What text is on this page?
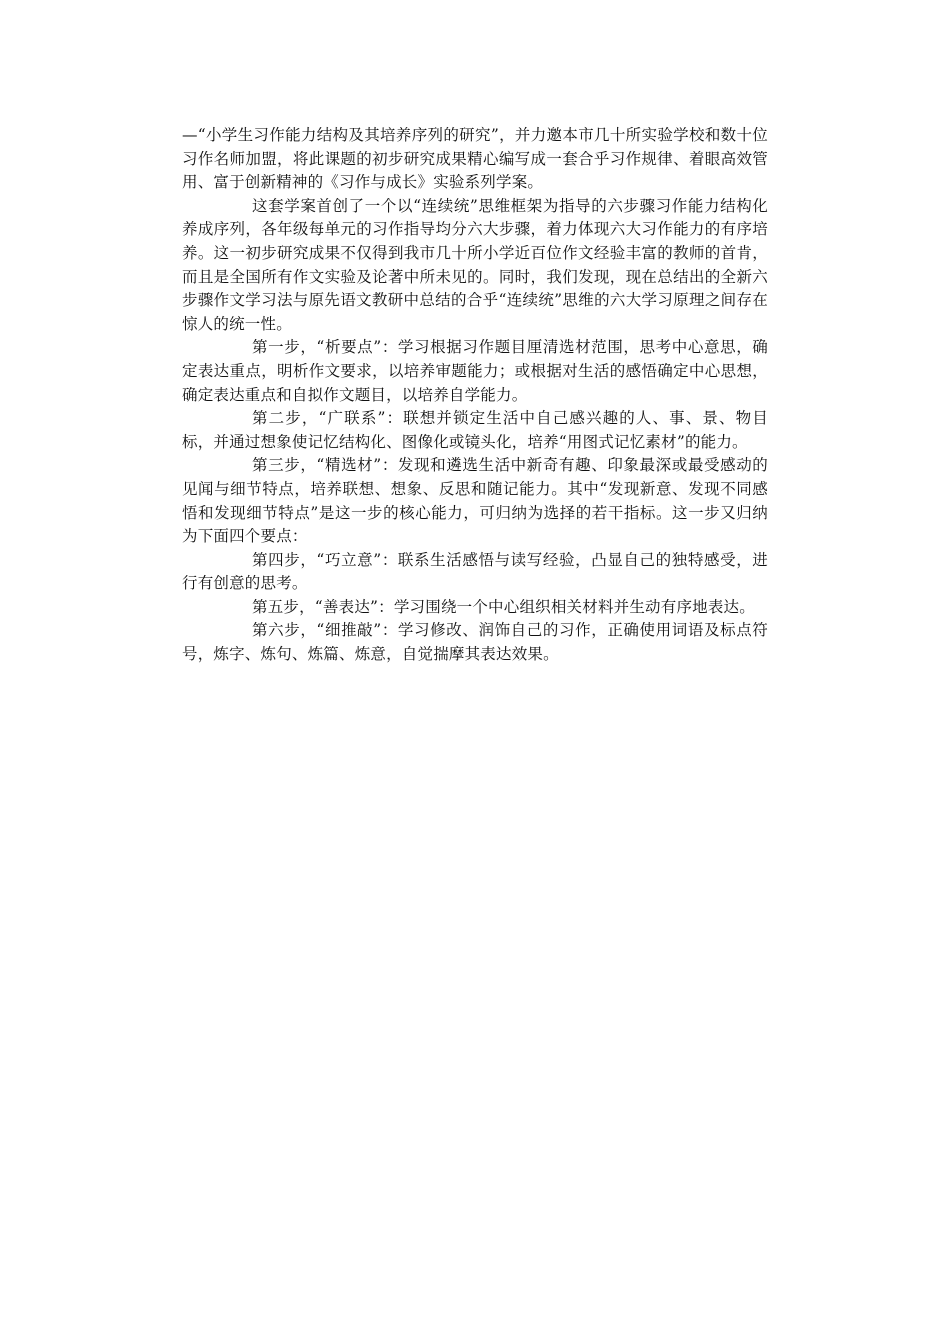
—“小学生习作能力结构及其培养序列的研究”，并力邀本市几十所实验学校和数十位习作名师加盟，将此课题的初步研究成果精心编写成一套合乎习作规律、着眼高效管用、富于创新精神的《习作与成长》实验系列学案。

这套学案首创了一个以“连续统”思维框架为指导的六步骤习作能力结构化养成序列，各年级每单元的习作指导均分六大步骤，着力体现六大习作能力的有序培养。这一初步研究成果不仅得到我市几十所小学近百位作文经验丰富的教师的首肯，而且是全国所有作文实验及论著中所未见的。同时，我们发现，现在总结出的全新六步骤作文学习法与原先语文教研中总结的合乎“连续统”思维的六大学习原理之间存在惊人的统一性。

第一步，“析要点”：学习根据习作题目厘清选材范围，思考中心意思，确定表达重点，明析作文要求，以培养审题能力；或根据对生活的感悟确定中心思想，确定表达重点和自拟作文题目，以培养自学能力。

第二步，“广联系”：联想并锁定生活中自己感兴趣的人、事、景、物目标，并通过想象使记忆结构化、图像化或镜头化，培养“用图式记忆素材”的能力。

第三步，“精选材”：发现和遴选生活中新奇有趣、印象最深或最受感动的见闻与细节特点，培养联想、想象、反思和随记能力。其中“发现新意、发现不同感悟和发现细节特点”是这一步的核心能力，可归纳为选择的若干指标。这一步又归纳为下面四个要点：

第四步，“巧立意”：联系生活感悟与读写经验，凸显自己的独特感受，进行有创意的思考。

第五步，“善表达”：学习围绕一个中心组织相关材料并生动有序地表达。

第六步，“细推敲”：学习修改、润饰自己的习作，正确使用词语及标点符号，炼字、炼句、炼篇、炼意，自觉揣摩其表达效果。
